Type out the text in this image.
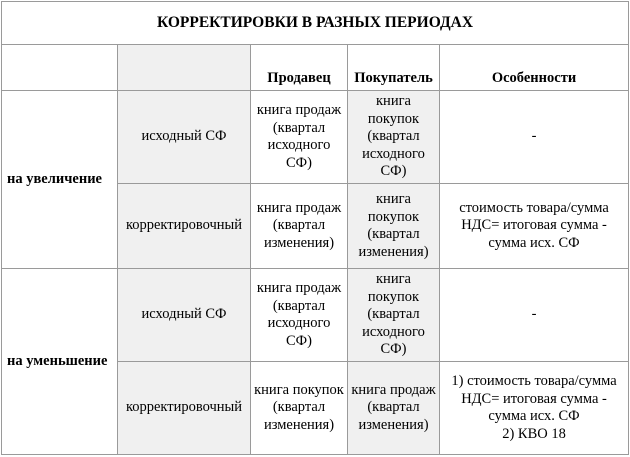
КОРРЕКТИРОВКИ В РАЗНЫХ ПЕРИОДАХ				
		Продавец	Покупатель	Особенности
на увеличение	исходный СФ	книга продаж (квартал исходного СФ)	книга покупок (квартал исходного СФ)	-
	корректировочный	книга продаж (квартал изменения)	книга покупок (квартал изменения)	стоимость товара/сумма НДС= итоговая сумма - сумма исх. СФ
на уменьшение	исходный СФ	книга продаж (квартал исходного СФ)	книга покупок (квартал исходного СФ)	-
	корректировочный	книга покупок (квартал изменения)	книга продаж (квартал изменения)	1) стоимость товара/сумма НДС= итоговая сумма - сумма исх. СФ
2) КВО 18
